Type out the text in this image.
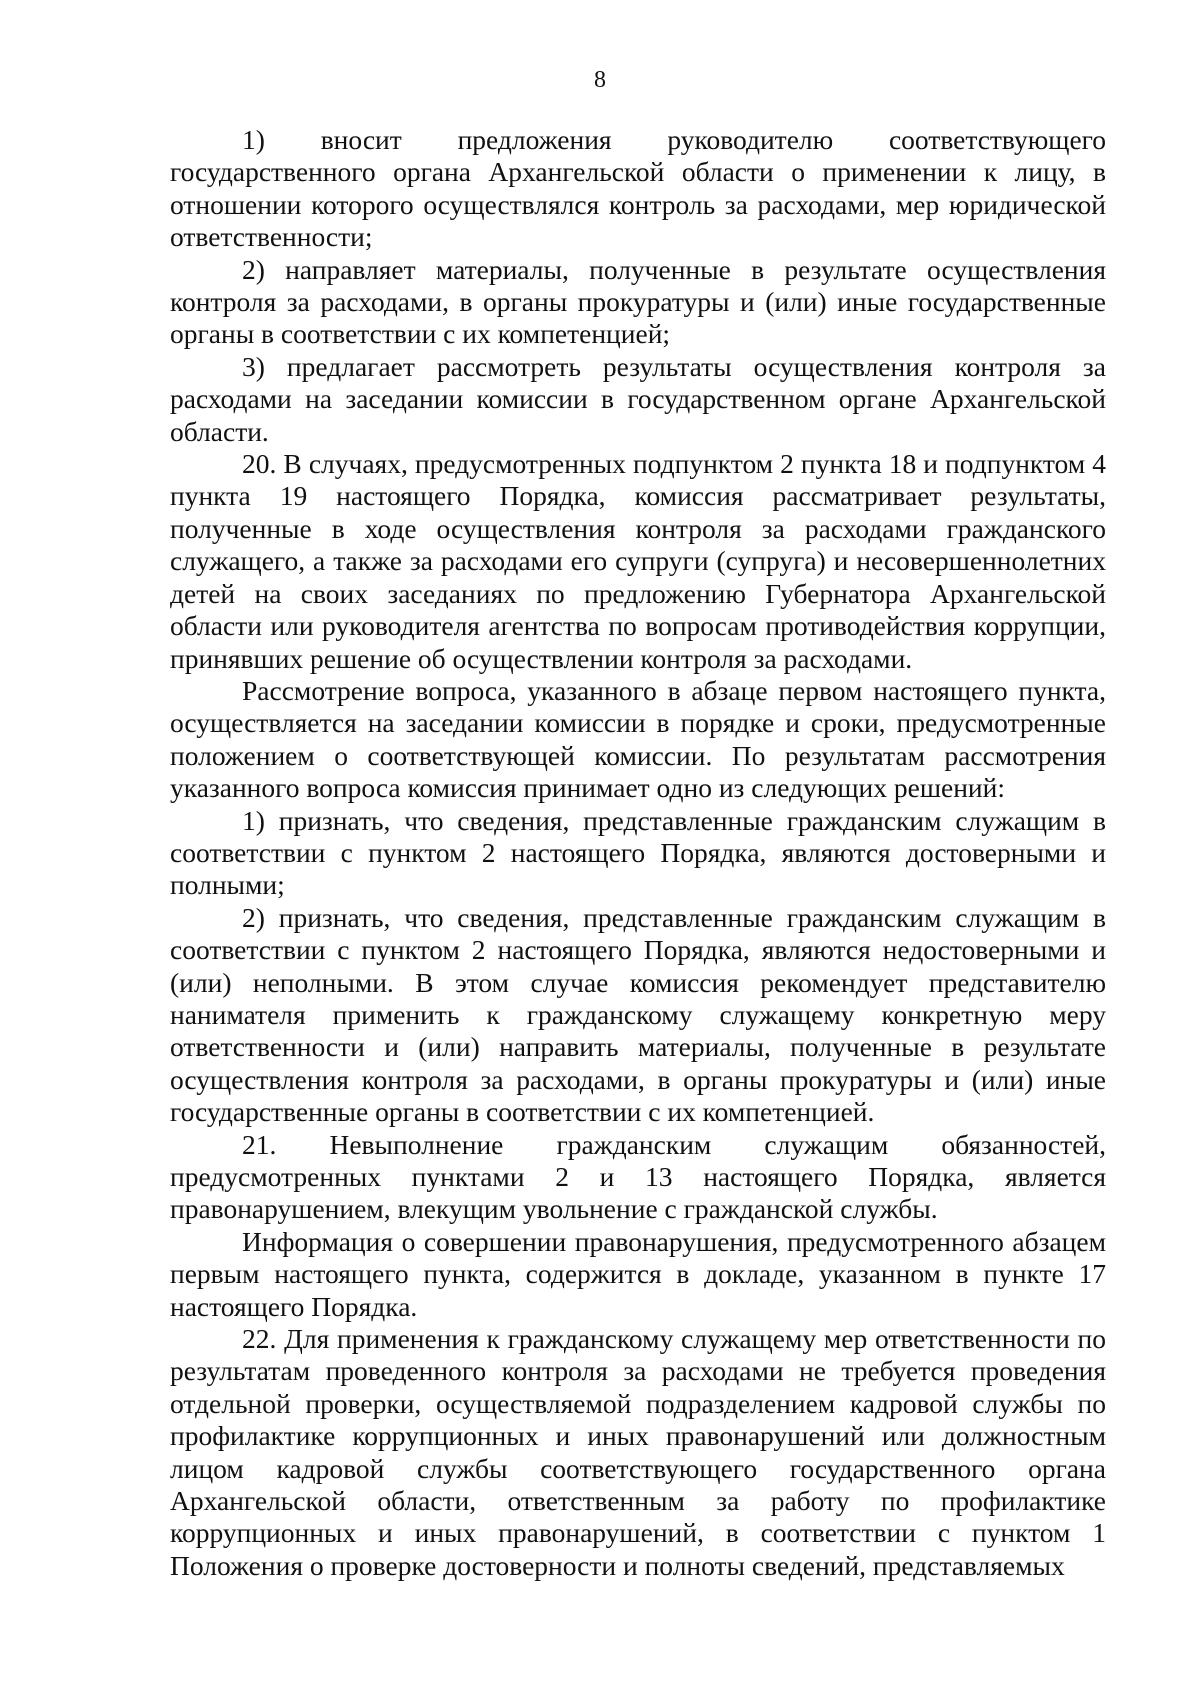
8

1) вносит предложения руководителю соответствующего государственного органа Архангельской области о применении к лицу, в отношении которого осуществлялся контроль за расходами, мер юридической ответственности;

2) направляет материалы, полученные в результате осуществления контроля за расходами, в органы прокуратуры и (или) иные государственные органы в соответствии с их компетенцией;

3) предлагает рассмотреть результаты осуществления контроля за расходами на заседании комиссии в государственном органе Архангельской области.

20. В случаях, предусмотренных подпунктом 2 пункта 18 и подпунктом 4 пункта 19 настоящего Порядка, комиссия рассматривает результаты, полученные в ходе осуществления контроля за расходами гражданского служащего, а также за расходами его супруги (супруга) и несовершеннолетних детей на своих заседаниях по предложению Губернатора Архангельской области или руководителя агентства по вопросам противодействия коррупции, принявших решение об осуществлении контроля за расходами.

Рассмотрение вопроса, указанного в абзаце первом настоящего пункта, осуществляется на заседании комиссии в порядке и сроки, предусмотренные положением о соответствующей комиссии. По результатам рассмотрения указанного вопроса комиссия принимает одно из следующих решений:

1) признать, что сведения, представленные гражданским служащим в соответствии с пунктом 2 настоящего Порядка, являются достоверными и полными;

2) признать, что сведения, представленные гражданским служащим в соответствии с пунктом 2 настоящего Порядка, являются недостоверными и (или) неполными. В этом случае комиссия рекомендует представителю нанимателя применить к гражданскому служащему конкретную меру ответственности и (или) направить материалы, полученные в результате осуществления контроля за расходами, в органы прокуратуры и (или) иные государственные органы в соответствии с их компетенцией.

21. Невыполнение гражданским служащим обязанностей, предусмотренных пунктами 2 и 13 настоящего Порядка, является правонарушением, влекущим увольнение с гражданской службы.

Информация о совершении правонарушения, предусмотренного абзацем первым настоящего пункта, содержится в докладе, указанном в пункте 17 настоящего Порядка.

22. Для применения к гражданскому служащему мер ответственности по результатам проведенного контроля за расходами не требуется проведения отдельной проверки, осуществляемой подразделением кадровой службы по профилактике коррупционных и иных правонарушений или должностным лицом кадровой службы соответствующего государственного органа Архангельской области, ответственным за работу по профилактике коррупционных и иных правонарушений, в соответствии с пунктом 1 Положения о проверке достоверности и полноты сведений, представляемых
